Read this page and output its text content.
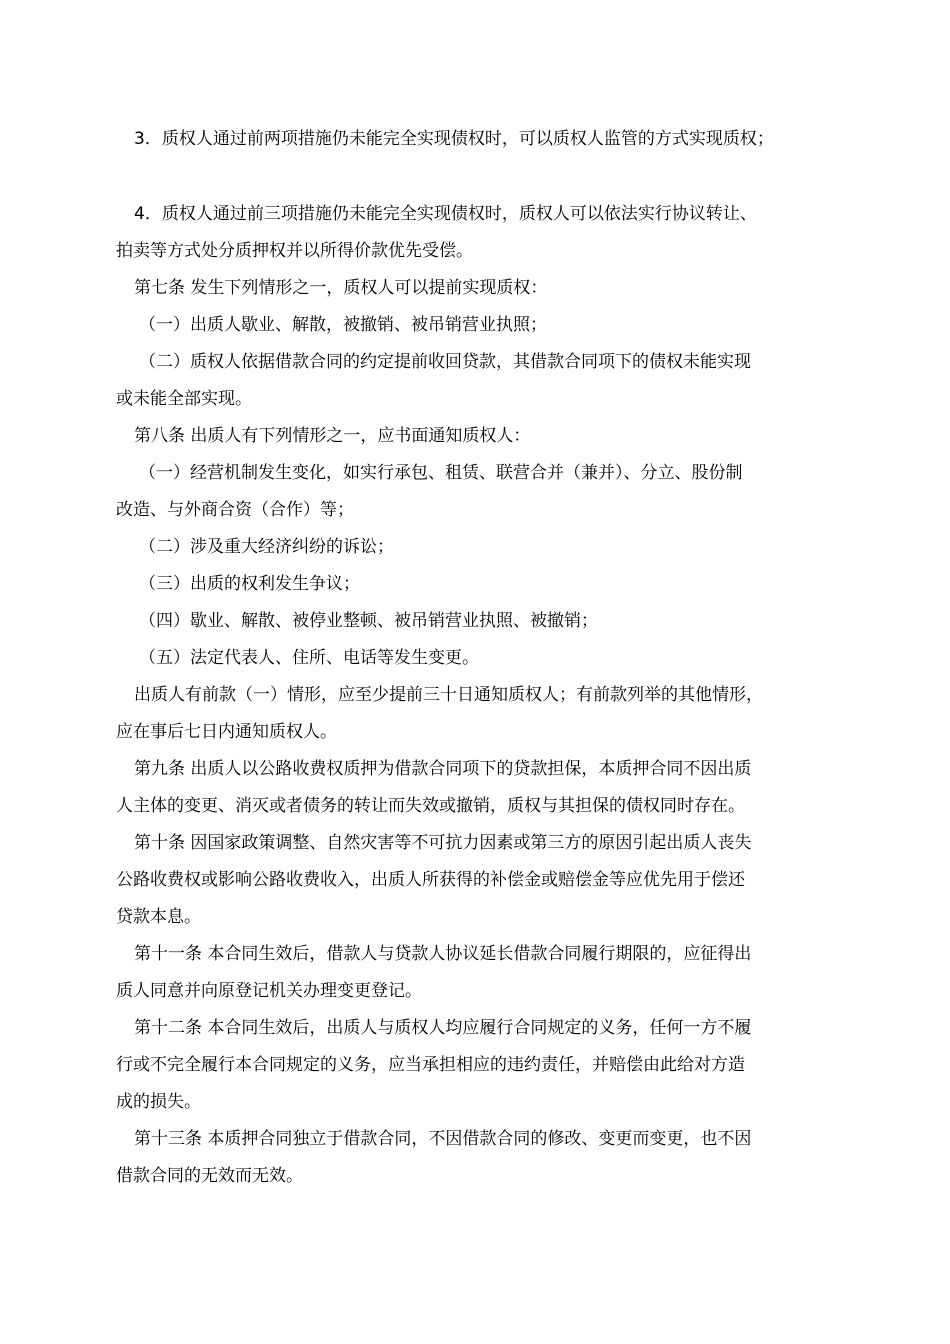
3．质权人通过前两项措施仍未能完全实现债权时，可以质权人监管的方式实现质权；
4．质权人通过前三项措施仍未能完全实现债权时，质权人可以依法实行协议转让、
拍卖等方式处分质押权并以所得价款优先受偿。
第七条 发生下列情形之一，质权人可以提前实现质权：
（一）出质人歇业、解散，被撤销、被吊销营业执照；
（二）质权人依据借款合同的约定提前收回贷款，其借款合同项下的债权未能实现
或未能全部实现。
第八条 出质人有下列情形之一，应书面通知质权人：
（一）经营机制发生变化，如实行承包、租赁、联营合并（兼并）、分立、股份制
改造、与外商合资（合作）等；
（二）涉及重大经济纠纷的诉讼；
（三）出质的权利发生争议；
（四）歇业、解散、被停业整顿、被吊销营业执照、被撤销；
（五）法定代表人、住所、电话等发生变更。
出质人有前款（一）情形，应至少提前三十日通知质权人；有前款列举的其他情形，
应在事后七日内通知质权人。
第九条 出质人以公路收费权质押为借款合同项下的贷款担保，本质押合同不因出质
人主体的变更、消灭或者债务的转让而失效或撤销，质权与其担保的债权同时存在。
第十条 因国家政策调整、自然灾害等不可抗力因素或第三方的原因引起出质人丧失
公路收费权或影响公路收费收入，出质人所获得的补偿金或赔偿金等应优先用于偿还
贷款本息。
第十一条 本合同生效后，借款人与贷款人协议延长借款合同履行期限的，应征得出
质人同意并向原登记机关办理变更登记。
第十二条 本合同生效后，出质人与质权人均应履行合同规定的义务，任何一方不履
行或不完全履行本合同规定的义务，应当承担相应的违约责任，并赔偿由此给对方造
成的损失。
第十三条 本质押合同独立于借款合同，不因借款合同的修改、变更而变更，也不因
借款合同的无效而无效。
